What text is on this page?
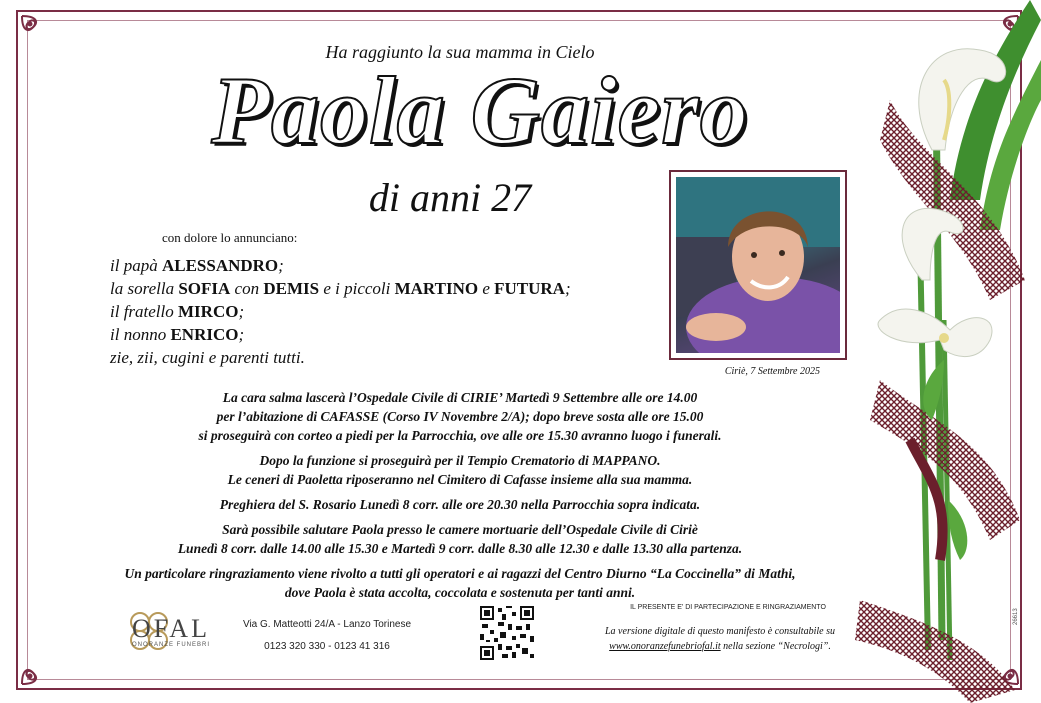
Ha raggiunto la sua mamma in Cielo
Paola Gaiero
di anni 27
con dolore lo annunciano:
il papà ALESSANDRO;
la sorella SOFIA con DEMIS e i piccoli MARTINO e FUTURA;
il fratello MIRCO;
il nonno ENRICO;
zie, zii, cugini e parenti tutti.
Ciriè, 7 Settembre 2025
La cara salma lascerà l’Ospedale Civile di CIRIE’ Martedì 9 Settembre alle ore 14.00
per l’abitazione di CAFASSE (Corso IV Novembre 2/A); dopo breve sosta alle ore 15.00
si proseguirà con corteo a piedi per la Parrocchia, ove alle ore 15.30 avranno luogo i funerali.
Dopo la funzione si proseguirà per il Tempio Crematorio di MAPPANO.
Le ceneri di Paoletta riposeranno nel Cimitero di Cafasse insieme alla sua mamma.
Preghiera del S. Rosario Lunedì 8 corr. alle ore 20.30 nella Parrocchia sopra indicata.
Sarà possibile salutare Paola presso le camere mortuarie dell’Ospedale Civile di Ciriè
Lunedì 8 corr. dalle 14.00 alle 15.30 e Martedì 9 corr. dalle 8.30 alle 12.30 e dalle 13.30 alla partenza.
Un particolare ringraziamento viene rivolto a tutti gli operatori e ai ragazzi del Centro Diurno “La Coccinella” di Mathi,
dove Paola è stata accolta, coccolata e sostenuta per tanti anni.
OFAL
ONORANZE FUNEBRI
Via G. Matteotti 24/A - Lanzo Torinese
0123 320 330 - 0123 41 316
IL PRESENTE E' DI PARTECIPAZIONE E RINGRAZIAMENTO
La versione digitale di questo manifesto è consultabile su
www.onoranzefunebriofal.it nella sezione “Necrologi”.
26613
